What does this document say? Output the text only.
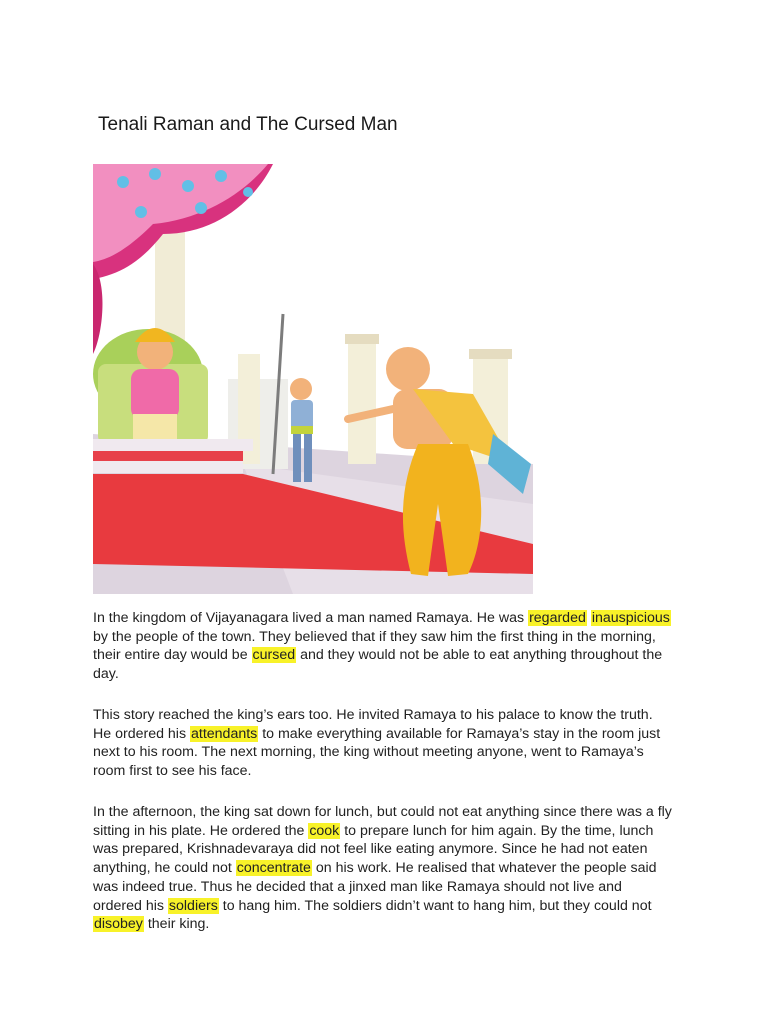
Tenali Raman and The Cursed Man

In the kingdom of Vijayanagara lived a man named Ramaya. He was regarded inauspicious by the people of the town. They believed that if they saw him the first thing in the morning, their entire day would be cursed and they would not be able to eat anything throughout the day.

This story reached the king’s ears too. He invited Ramaya to his palace to know the truth. He ordered his attendants to make everything available for Ramaya’s stay in the room just next to his room. The next morning, the king without meeting anyone, went to Ramaya’s room first to see his face.

In the afternoon, the king sat down for lunch, but could not eat anything since there was a fly sitting in his plate. He ordered the cook to prepare lunch for him again. By the time, lunch was prepared, Krishnadevaraya did not feel like eating anymore. Since he had not eaten anything, he could not concentrate on his work. He realised that whatever the people said was indeed true. Thus he decided that a jinxed man like Ramaya should not live and ordered his soldiers to hang him. The soldiers didn’t want to hang him, but they could not disobey their king.
